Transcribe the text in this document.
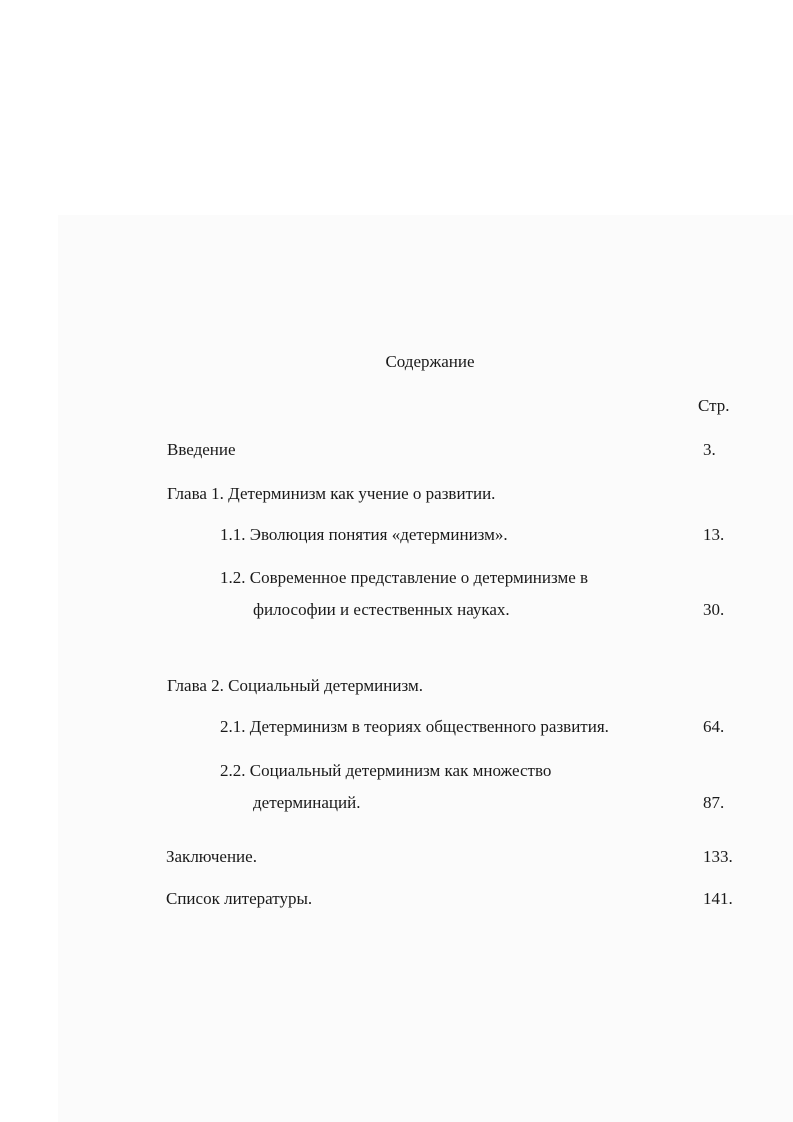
Содержание
Стр.
Введение	3.
Глава 1. Детерминизм как учение о развитии.
1.1. Эволюция понятия «детерминизм».	13.
1.2. Современное представление о детерминизме в
философии и естественных науках.	30.
Глава 2. Социальный детерминизм.
2.1. Детерминизм в теориях общественного развития.	64.
2.2. Социальный детерминизм как множество
детерминаций.	87.
Заключение.	133.
Список литературы.	141.
